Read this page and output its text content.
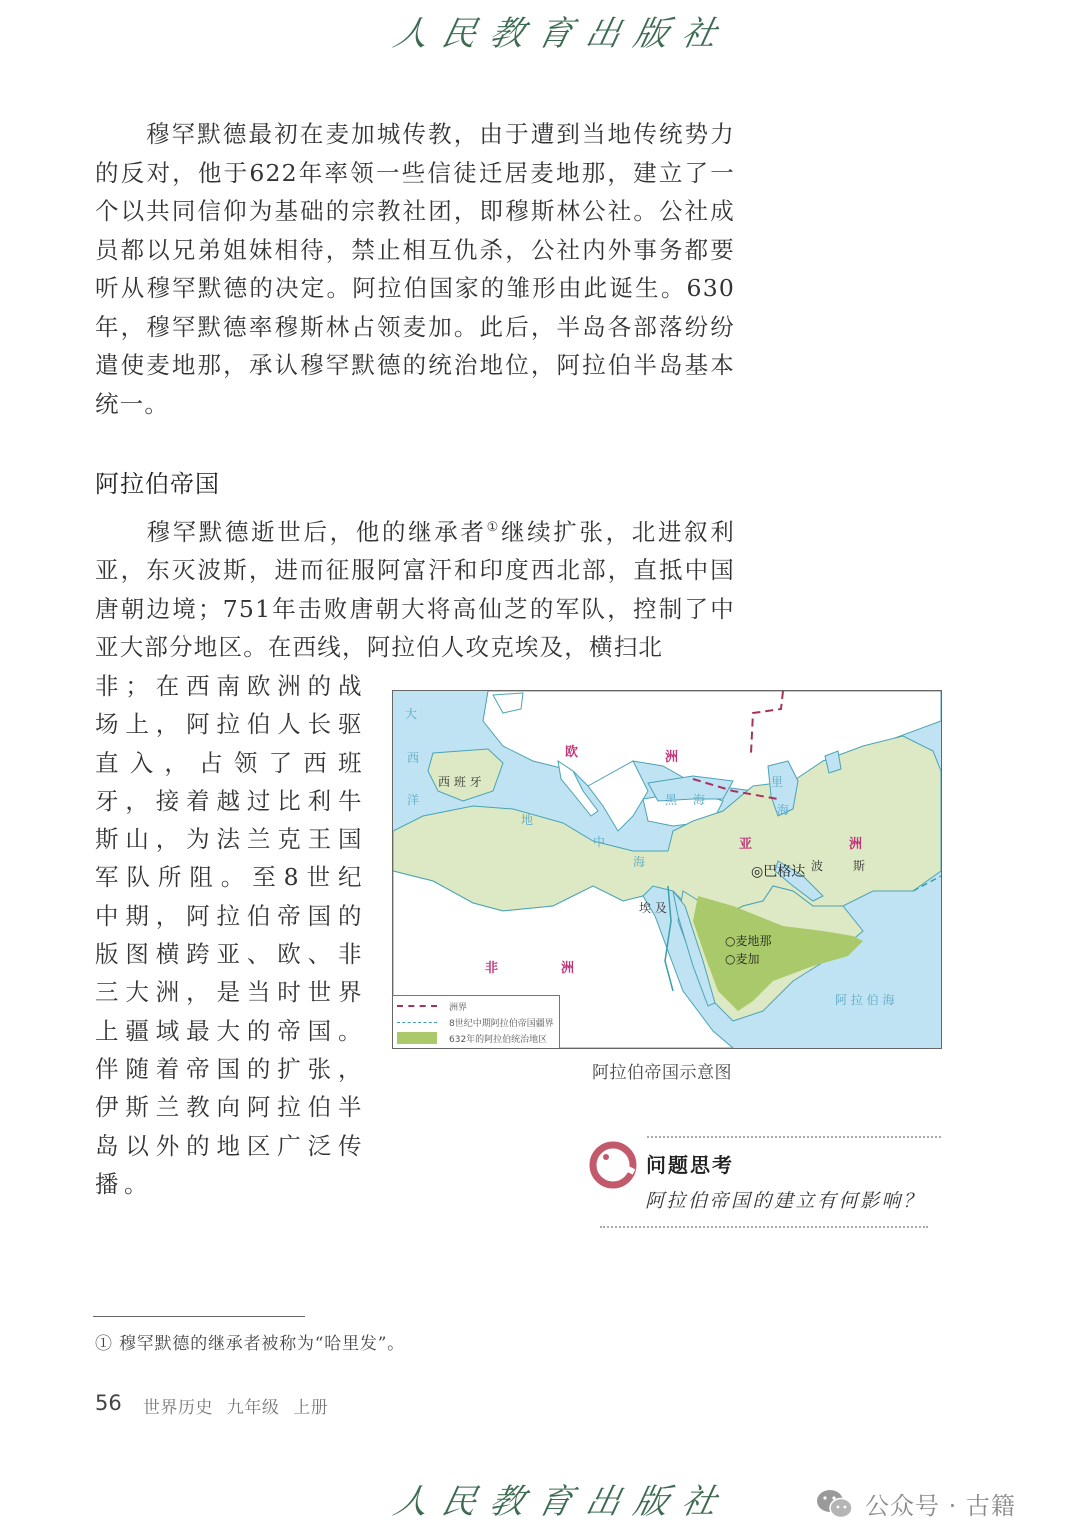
人民教育出版社
穆罕默德最初在麦加城传教，由于遭到当地传统势力的反对，他于622年率领一些信徒迁居麦地那，建立了一个以共同信仰为基础的宗教社团，即穆斯林公社。公社成员都以兄弟姐妹相待，禁止相互仇杀，公社内外事务都要听从穆罕默德的决定。阿拉伯国家的雏形由此诞生。630年，穆罕默德率穆斯林占领麦加。此后，半岛各部落纷纷遣使麦地那，承认穆罕默德的统治地位，阿拉伯半岛基本统一。
阿拉伯帝国
穆罕默德逝世后，他的继承者①继续扩张，北进叙利亚，东灭波斯，进而征服阿富汗和印度西北部，直抵中国唐朝边境；751年击败唐朝大将高仙芝的军队，控制了中亚大部分地区。在西线，阿拉伯人攻克埃及，横扫北
非；在西南欧洲的战场上，阿拉伯人长驱直入，占领了西班牙，接着越过比利牛斯山，为法兰克王国军队所阻。至8世纪中期，阿拉伯帝国的版图横跨亚、欧、非三大洲，是当时世界上疆域最大的帝国。伴随着帝国的扩张，伊斯兰教向阿拉伯半岛以外的地区广泛传播。
大
西
洋
欧	洲
西 班 牙
地
中
海
黑 海
里
海
亚	洲
◎巴格达 波 斯
埃 及
○麦地那
○麦加
非	洲
阿 拉 伯 海
洲界
8世纪中期阿拉伯帝国疆界
632年的阿拉伯统治地区
阿拉伯帝国示意图
问题思考
阿拉伯帝国的建立有何影响？
① 穆罕默德的继承者被称为“哈里发”。
56 世界历史 九年级 上册
人民教育出版社	公众号 · 古籍
